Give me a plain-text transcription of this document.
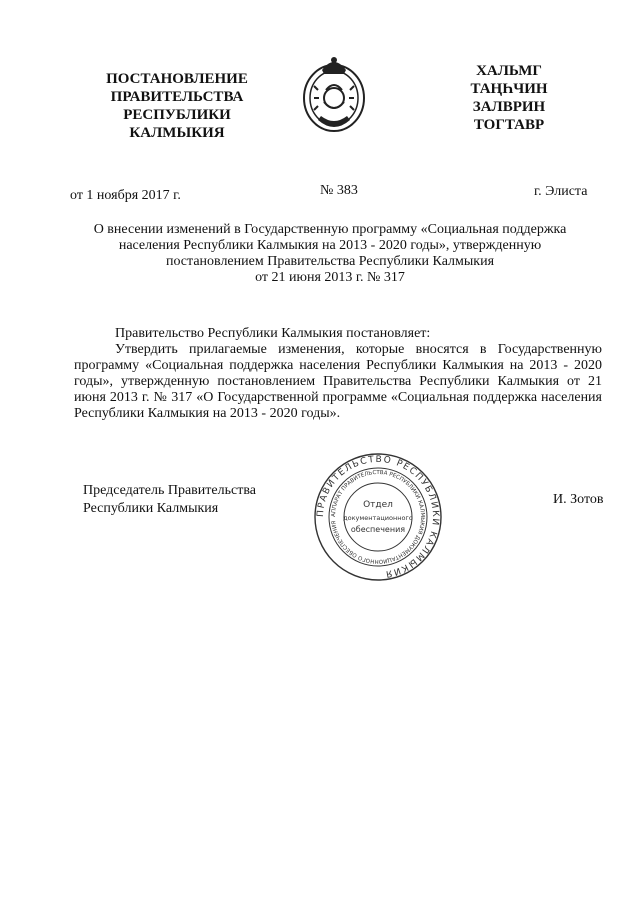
ПОСТАНОВЛЕНИЕ
ПРАВИТЕЛЬСТВА
РЕСПУБЛИКИ
КАЛМЫКИЯ
ХАЛЬМГ
ТАҢҺЧИН
ЗАЛВРИН
ТОГТАВР
от 1 ноября 2017 г.	№ 383	г. Элиста
О внесении изменений в Государственную программу «Социальная поддержка
населения Республики Калмыкия на 2013 - 2020 годы», утвержденную
постановлением Правительства Республики Калмыкия
от 21 июня 2013 г. № 317

Правительство Республики Калмыкия постановляет:

Утвердить прилагаемые изменения, которые вносятся в Государственную программу «Социальная поддержка населения Республики Калмыкия на 2013 - 2020 годы», утвержденную постановлением Правительства Республики Калмыкия от 21 июня 2013 г. № 317 «О Государственной программе «Социальная поддержка населения Республики Калмыкия на 2013 - 2020 годы».

Председатель Правительства
Республики Калмыкия	ПРАВИТЕЛЬСТВО РЕСПУБЛИКИ КАЛМЫКИЯ
АППАРАТ ПРАВИТЕЛЬСТВА РЕСПУБЛИКИ КАЛМЫКИЯ ДОКУМЕНТАЦИОННОГО ОБЕСПЕЧЕНИЯ
Отдел
документационного
обеспечения
И. Зотов
